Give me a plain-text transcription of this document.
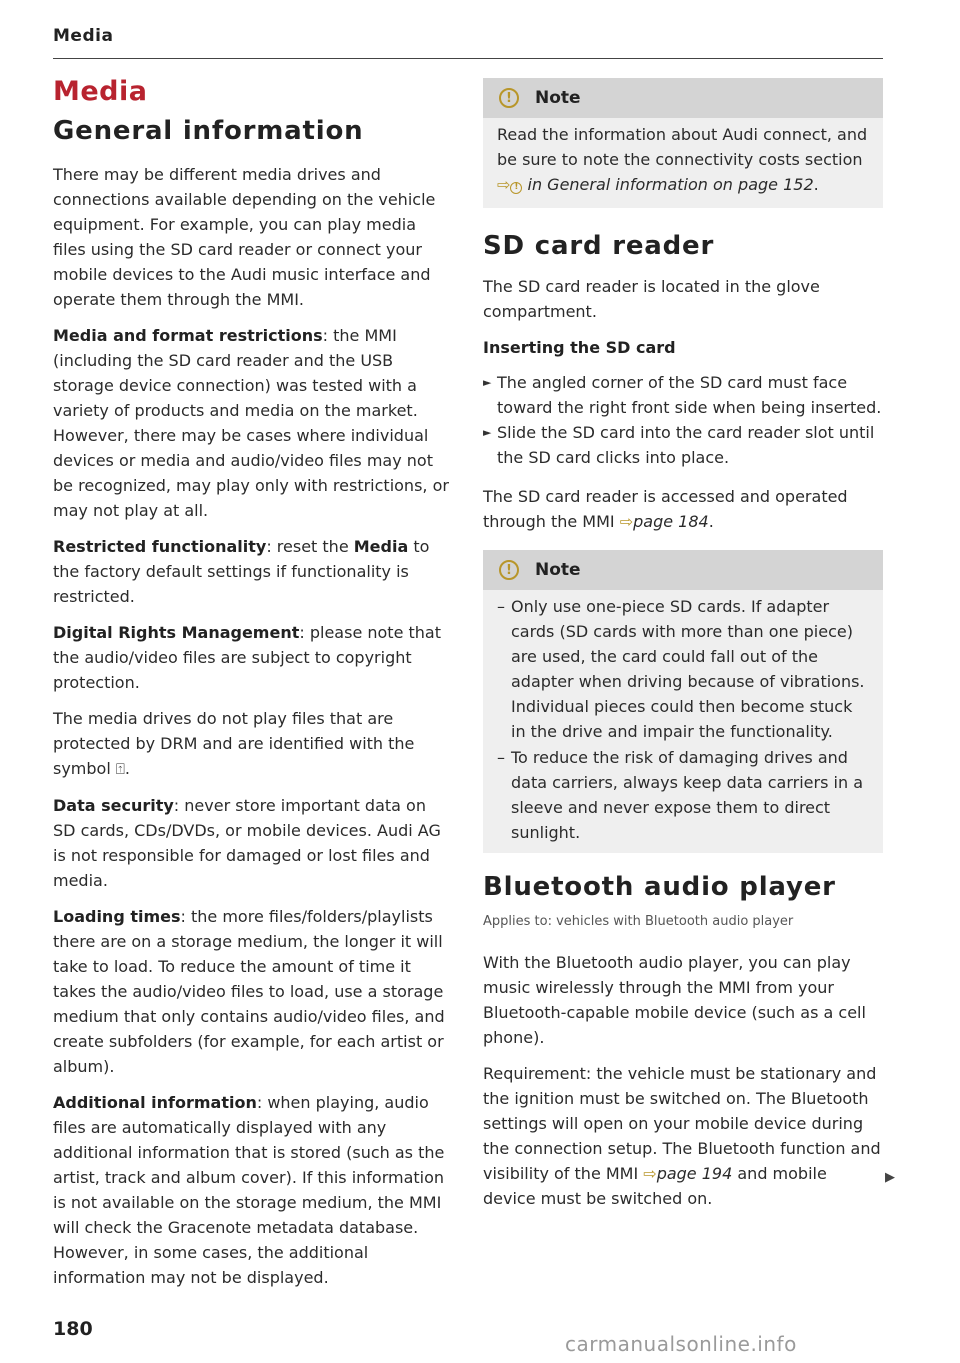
Media
Media
General information

There may be different media drives and connections available depending on the vehicle equipment. For example, you can play media files using the SD card reader or connect your mobile devices to the Audi music interface and operate them through the MMI.

Media and format restrictions: the MMI (including the SD card reader and the USB storage device connection) was tested with a variety of products and media on the market. However, there may be cases where individual devices or media and audio/video files may not be recognized, may play only with restrictions, or may not play at all.

Restricted functionality: reset the Media to the factory default settings if functionality is restricted.

Digital Rights Management: please note that the audio/video files are subject to copyright protection.

The media drives do not play files that are protected by DRM and are identified with the symbol ⍐.

Data security: never store important data on SD cards, CDs/DVDs, or mobile devices. Audi AG is not responsible for damaged or lost files and media.

Loading times: the more files/folders/playlists there are on a storage medium, the longer it will take to load. To reduce the amount of time it takes the audio/video files to load, use a storage medium that only contains audio/video files, and create subfolders (for example, for each artist or album).

Additional information: when playing, audio files are automatically displayed with any additional information that is stored (such as the artist, track and album cover). If this information is not available on the storage medium, the MMI will check the Gracenote metadata database. However, in some cases, the additional information may not be displayed.

!	Note

Read the information about Audi connect, and be sure to note the connectivity costs section ⇨ ! in General information on page 152.

SD card reader

The SD card reader is located in the glove compartment.

Inserting the SD card
► The angled corner of the SD card must face toward the right front side when being inserted.
► Slide the SD card into the card reader slot until the SD card clicks into place.

The SD card reader is accessed and operated through the MMI ⇨page 184.

!	Note
– Only use one-piece SD cards. If adapter cards (SD cards with more than one piece) are used, the card could fall out of the adapter when driving because of vibrations. Individual pieces could then become stuck in the drive and impair the functionality.
– To reduce the risk of damaging drives and data carriers, always keep data carriers in a sleeve and never expose them to direct sunlight.
Bluetooth audio player

Applies to: vehicles with Bluetooth audio player

With the Bluetooth audio player, you can play music wirelessly through the MMI from your Bluetooth-capable mobile device (such as a cell phone).

Requirement: the vehicle must be stationary and the ignition must be switched on. The Bluetooth settings will open on your mobile device during the connection setup. The Bluetooth function and visibility of the MMI ⇨page 194 and mobile device must be switched on.

▶
180
carmanualsonline.info
